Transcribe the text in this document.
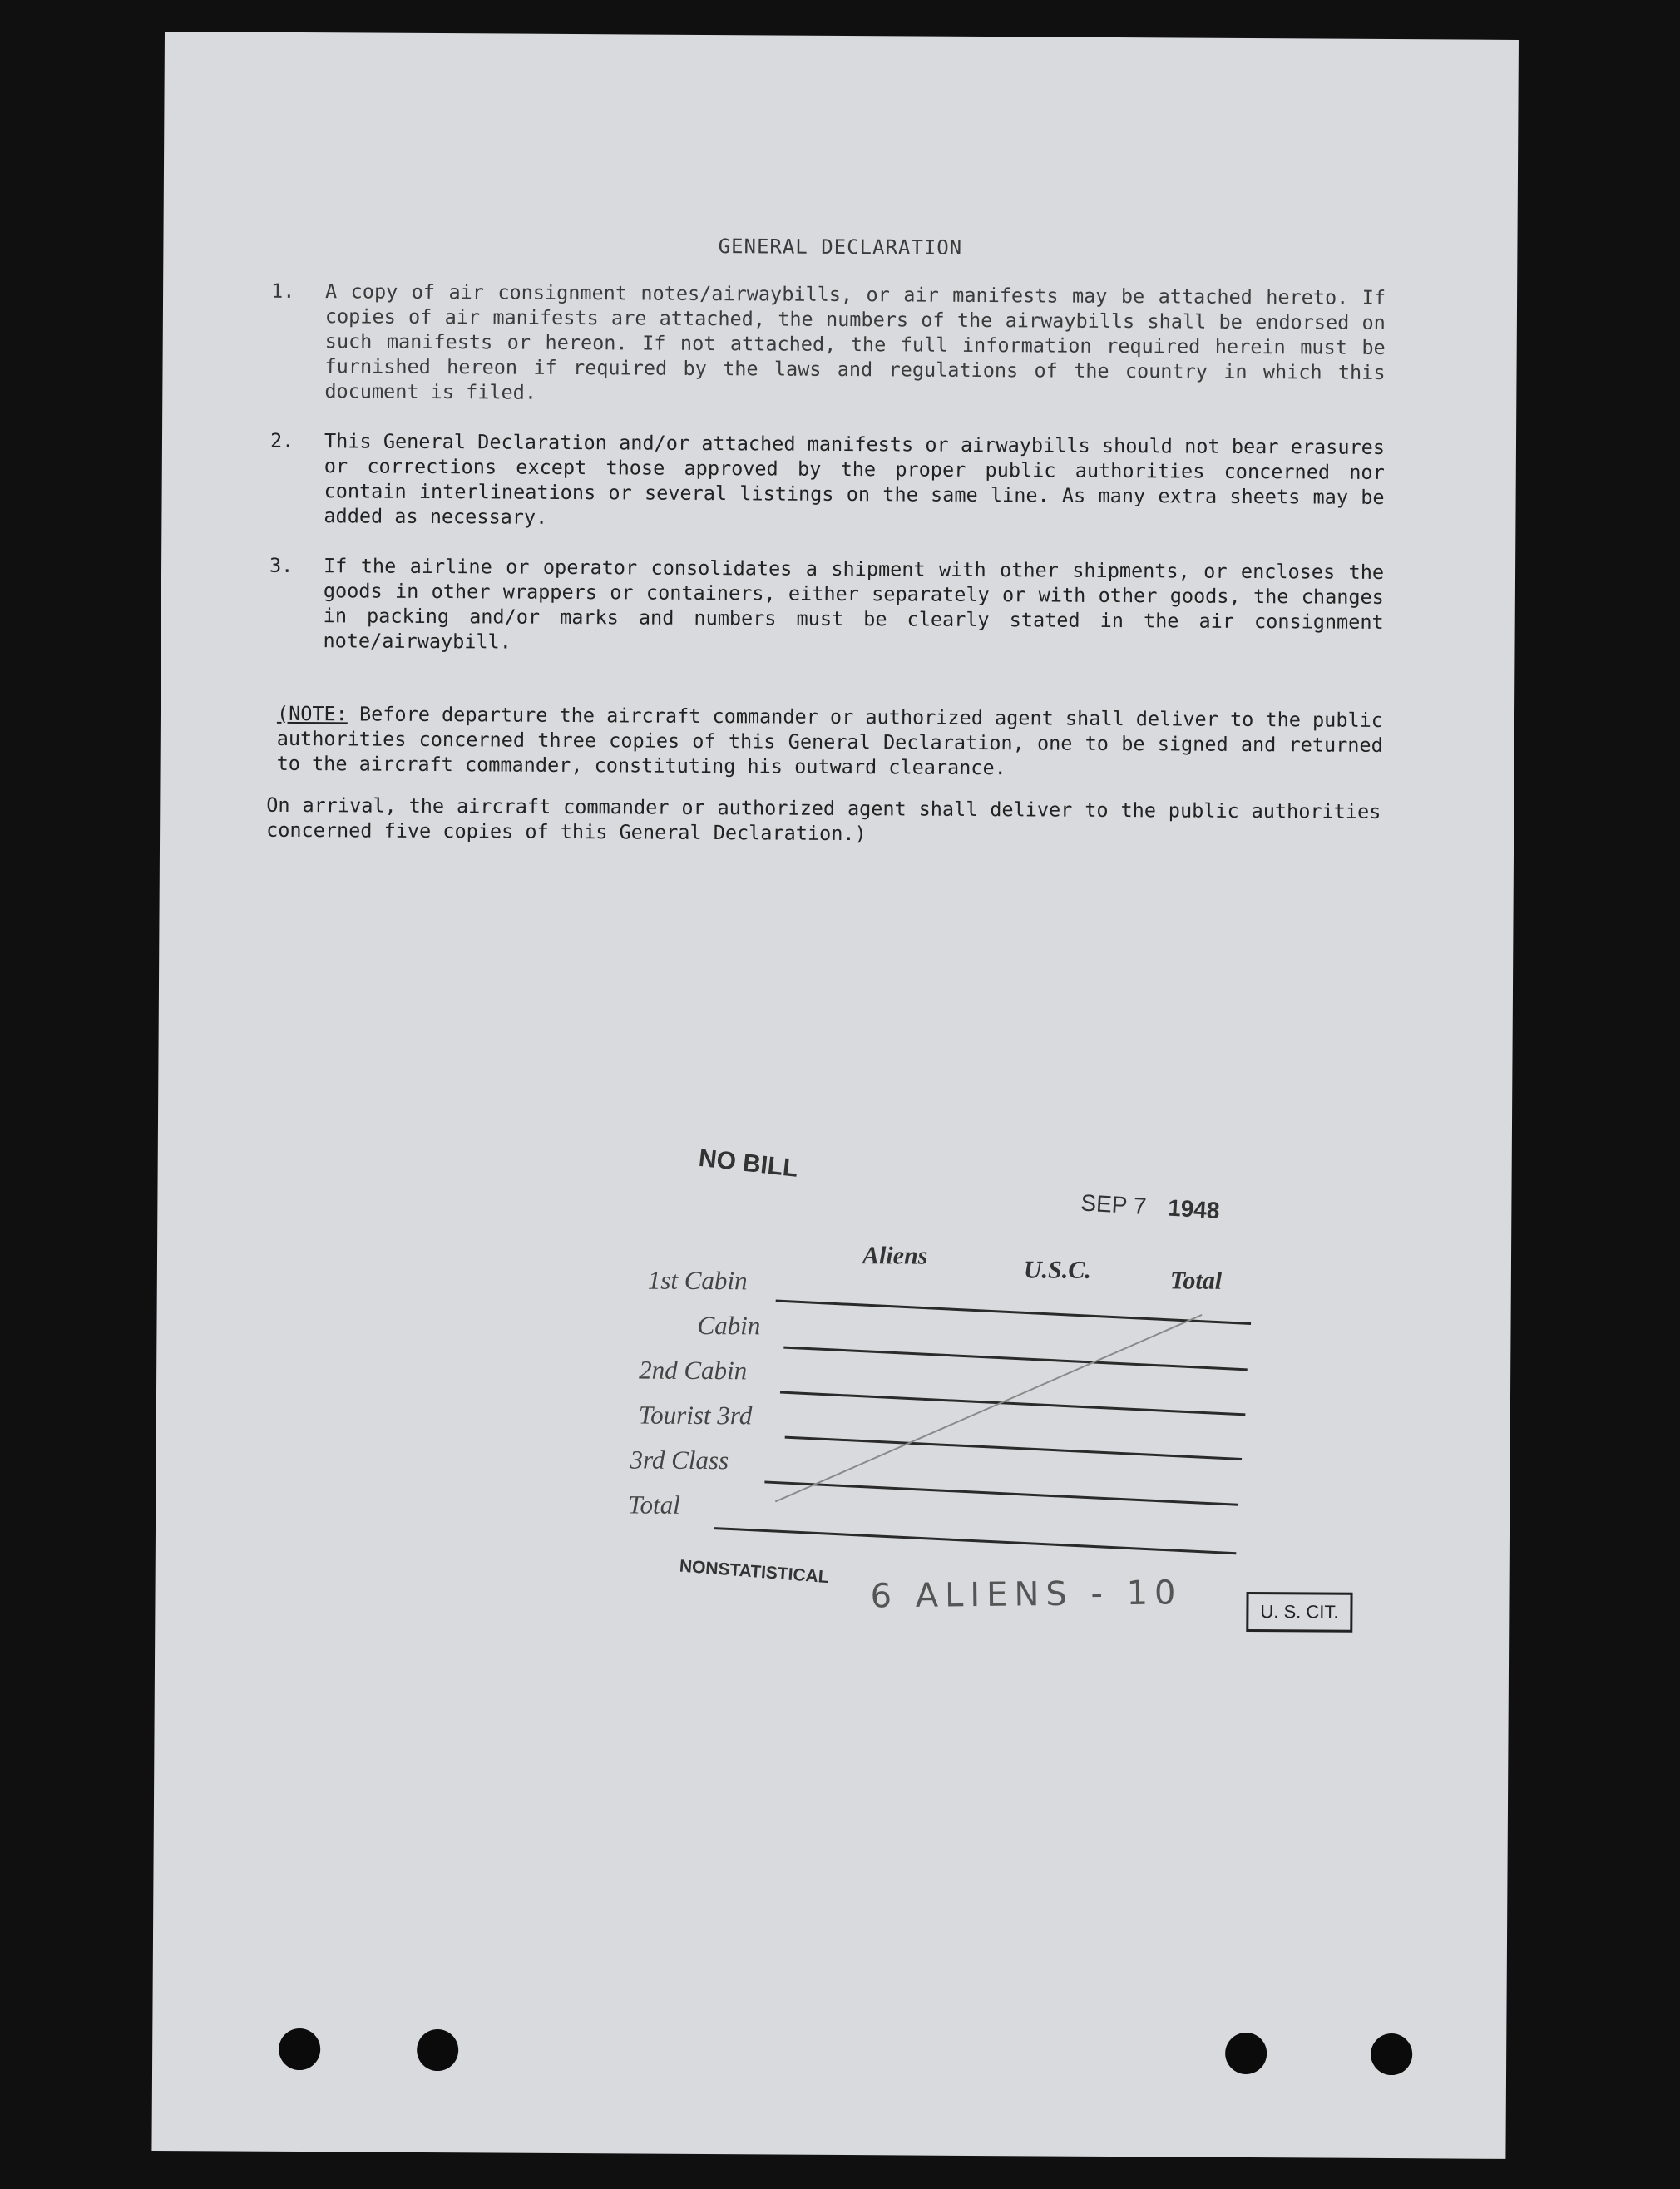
GENERAL DECLARATION
1. A copy of air consignment notes/airwaybills, or air manifests may be attached hereto. If copies of air manifests are attached, the numbers of the airwaybills shall be endorsed on such manifests or hereon. If not attached, the full information required herein must be furnished hereon if required by the laws and regulations of the country in which this document is filed.
2. This General Declaration and/or attached manifests or airwaybills should not bear erasures or corrections except those approved by the proper public authorities concerned nor contain interlineations or several listings on the same line. As many extra sheets may be added as necessary.
3. If the airline or operator consolidates a shipment with other shipments, or encloses the goods in other wrappers or containers, either separately or with other goods, the changes in packing and/or marks and numbers must be clearly stated in the air consignment note/airwaybill.
(NOTE: Before departure the aircraft commander or authorized agent shall deliver to the public authorities concerned three copies of this General Declaration, one to be signed and returned to the aircraft commander, constituting his outward clearance.
On arrival, the aircraft commander or authorized agent shall deliver to the public authorities concerned five copies of this General Declaration.)
NO BILL
SEP 7 1948
Aliens
U.S.C.	Total
1st Cabin
Cabin
2nd Cabin
Tourist 3rd
3rd Class
Total
NONSTATISTICAL
6 ALIENS - 10	U. S. CIT.
